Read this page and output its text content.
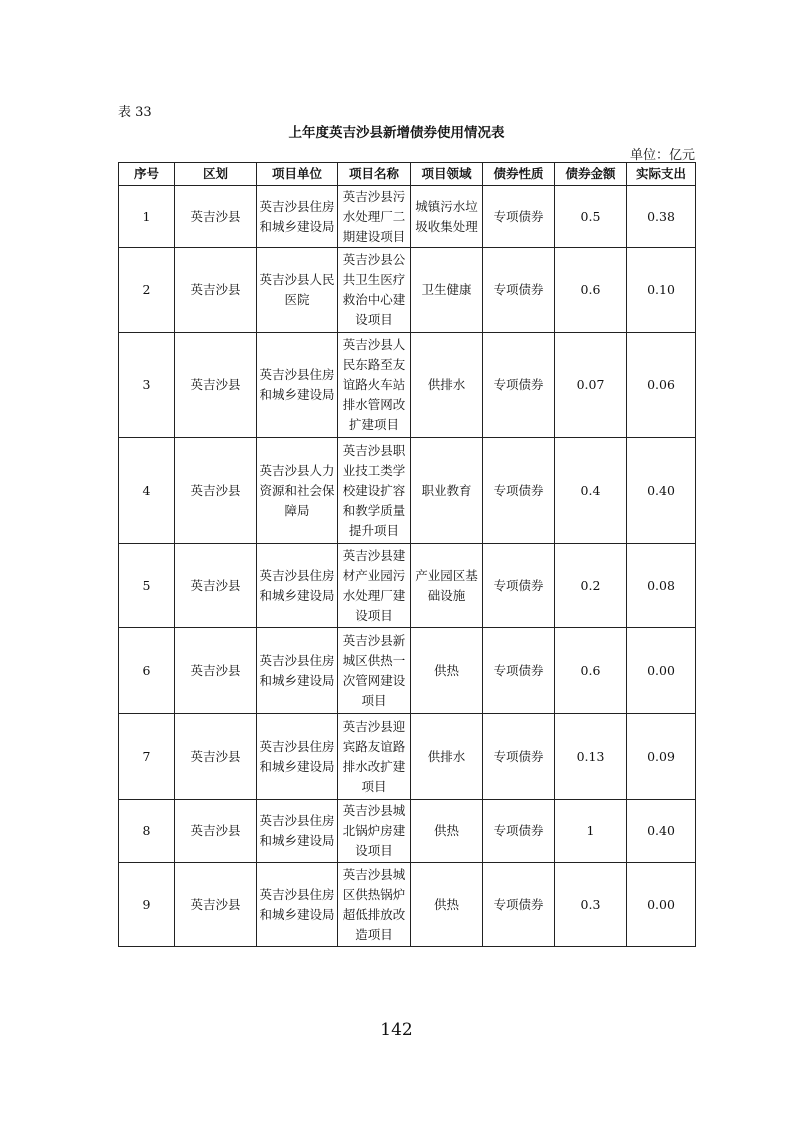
表 33
上年度英吉沙县新增债券使用情况表
单位：亿元
序号	区划	项目单位	项目名称	项目领域	债券性质	债券金额	实际支出
1	英吉沙县	英吉沙县住房和城乡建设局	英吉沙县污水处理厂二期建设项目	城镇污水垃圾收集处理	专项债券	0.5	0.38
2	英吉沙县	英吉沙县人民医院	英吉沙县公共卫生医疗救治中心建设项目	卫生健康	专项债券	0.6	0.10
3	英吉沙县	英吉沙县住房和城乡建设局	英吉沙县人民东路至友谊路火车站排水管网改扩建项目	供排水	专项债券	0.07	0.06
4	英吉沙县	英吉沙县人力资源和社会保障局	英吉沙县职业技工类学校建设扩容和教学质量提升项目	职业教育	专项债券	0.4	0.40
5	英吉沙县	英吉沙县住房和城乡建设局	英吉沙县建材产业园污水处理厂建设项目	产业园区基础设施	专项债券	0.2	0.08
6	英吉沙县	英吉沙县住房和城乡建设局	英吉沙县新城区供热一次管网建设项目	供热	专项债券	0.6	0.00
7	英吉沙县	英吉沙县住房和城乡建设局	英吉沙县迎宾路友谊路排水改扩建项目	供排水	专项债券	0.13	0.09
8	英吉沙县	英吉沙县住房和城乡建设局	英吉沙县城北锅炉房建设项目	供热	专项债券	1	0.40
9	英吉沙县	英吉沙县住房和城乡建设局	英吉沙县城区供热锅炉超低排放改造项目	供热	专项债券	0.3	0.00
142
